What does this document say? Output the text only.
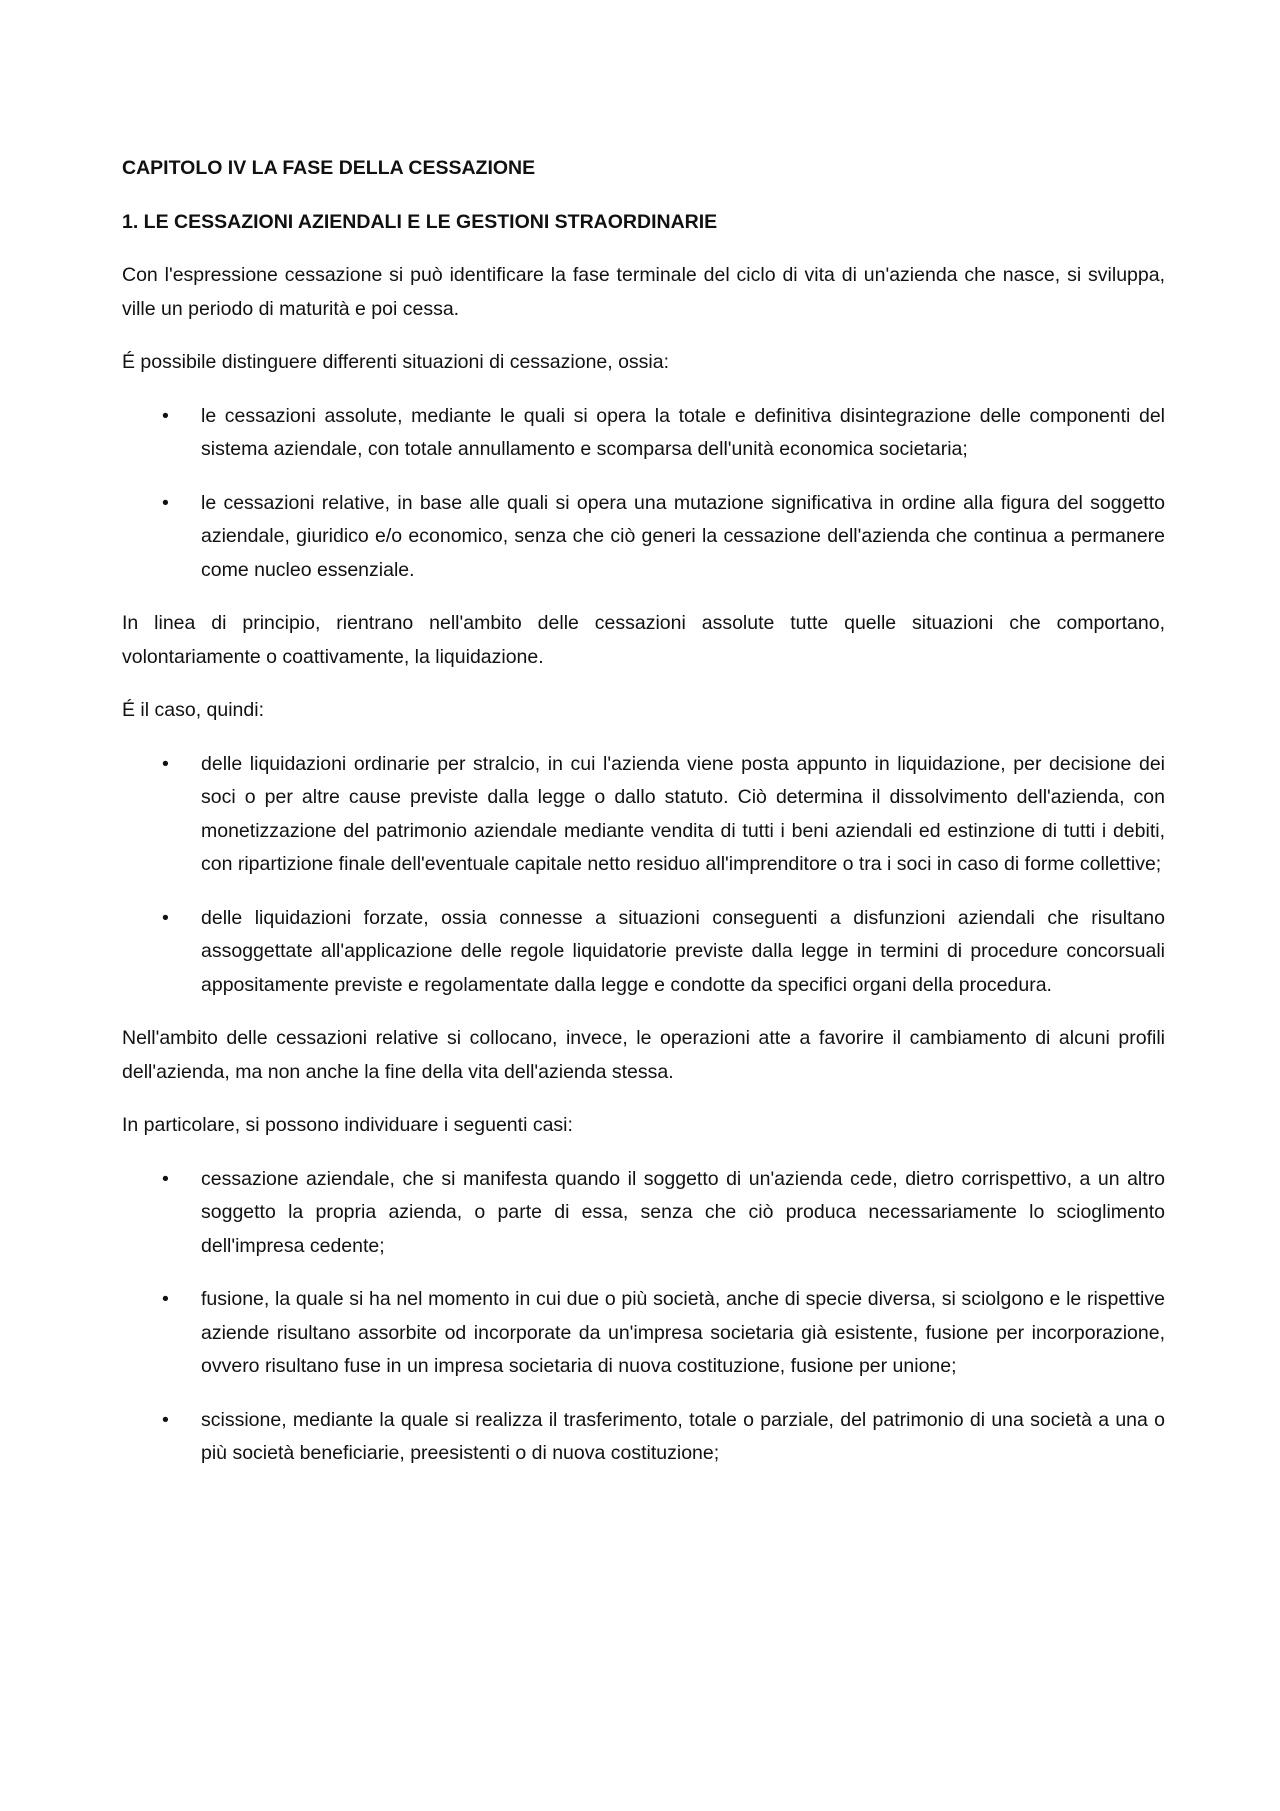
CAPITOLO IV LA FASE DELLA CESSAZIONE
1. LE CESSAZIONI AZIENDALI E LE GESTIONI STRAORDINARIE

Con l'espressione cessazione si può identificare la fase terminale del ciclo di vita di un'azienda che nasce, si sviluppa, ville un periodo di maturità e poi cessa.

É possibile distinguere differenti situazioni di cessazione, ossia:

• le cessazioni assolute, mediante le quali si opera la totale e definitiva disintegrazione delle componenti del sistema aziendale, con totale annullamento e scomparsa dell'unità economica societaria;
• le cessazioni relative, in base alle quali si opera una mutazione significativa in ordine alla figura del soggetto aziendale, giuridico e/o economico, senza che ciò generi la cessazione dell'azienda che continua a permanere come nucleo essenziale.

In linea di principio, rientrano nell'ambito delle cessazioni assolute tutte quelle situazioni che comportano, volontariamente o coattivamente, la liquidazione.

É il caso, quindi:

• delle liquidazioni ordinarie per stralcio, in cui l'azienda viene posta appunto in liquidazione, per decisione dei soci o per altre cause previste dalla legge o dallo statuto. Ciò determina il dissolvimento dell'azienda, con monetizzazione del patrimonio aziendale mediante vendita di tutti i beni aziendali ed estinzione di tutti i debiti, con ripartizione finale dell'eventuale capitale netto residuo all'imprenditore o tra i soci in caso di forme collettive;
• delle liquidazioni forzate, ossia connesse a situazioni conseguenti a disfunzioni aziendali che risultano assoggettate all'applicazione delle regole liquidatorie previste dalla legge in termini di procedure concorsuali appositamente previste e regolamentate dalla legge e condotte da specifici organi della procedura.

Nell'ambito delle cessazioni relative si collocano, invece, le operazioni atte a favorire il cambiamento di alcuni profili dell'azienda, ma non anche la fine della vita dell'azienda stessa.

In particolare, si possono individuare i seguenti casi:

• cessazione aziendale, che si manifesta quando il soggetto di un'azienda cede, dietro corrispettivo, a un altro soggetto la propria azienda, o parte di essa, senza che ciò produca necessariamente lo scioglimento dell'impresa cedente;
• fusione, la quale si ha nel momento in cui due o più società, anche di specie diversa, si sciolgono e le rispettive aziende risultano assorbite od incorporate da un'impresa societaria già esistente, fusione per incorporazione, ovvero risultano fuse in un impresa societaria di nuova costituzione, fusione per unione;
• scissione, mediante la quale si realizza il trasferimento, totale o parziale, del patrimonio di una società a una o più società beneficiarie, preesistenti o di nuova costituzione;
